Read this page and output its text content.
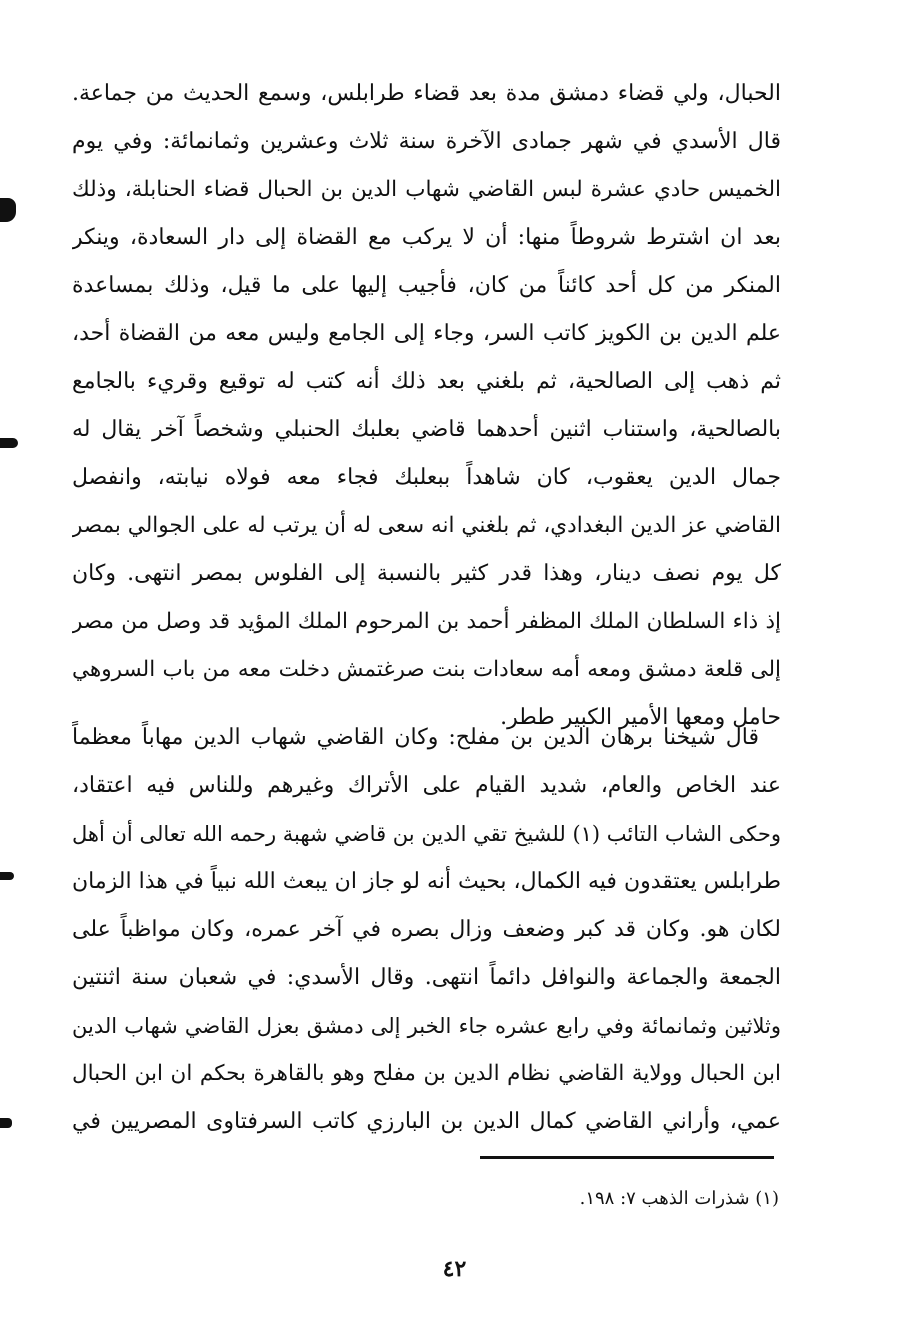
الحبال، ولي قضاء دمشق مدة بعد قضاء طرابلس، وسمع الحديث من جماعة.
قال الأسدي في شهر جمادى الآخرة سنة ثلاث وعشرين وثمانمائة: وفي يوم
الخميس حادي عشرة لبس القاضي شهاب الدين بن الحبال قضاء الحنابلة، وذلك
بعد ان اشترط شروطاً منها: أن لا يركب مع القضاة إلى دار السعادة، وينكر
المنكر من كل أحد كائناً من كان، فأجيب إليها على ما قيل، وذلك بمساعدة
علم الدين بن الكويز كاتب السر، وجاء إلى الجامع وليس معه من القضاة أحد،
ثم ذهب إلى الصالحية، ثم بلغني بعد ذلك أنه كتب له توقيع وقريء بالجامع
بالصالحية، واستناب اثنين أحدهما قاضي بعلبك الحنبلي وشخصاً آخر يقال له
جمال الدين يعقوب، كان شاهداً ببعلبك فجاء معه فولاه نيابته، وانفصل
القاضي عز الدين البغدادي، ثم بلغني انه سعى له أن يرتب له على الجوالي بمصر
كل يوم نصف دينار، وهذا قدر كثير بالنسبة إلى الفلوس بمصر انتهى. وكان
إذ ذاء السلطان الملك المظفر أحمد بن المرحوم الملك المؤيد قد وصل من مصر
إلى قلعة دمشق ومعه أمه سعادات بنت صرغتمش دخلت معه من باب السروهي
حامل ومعها الأمير الكبير ططر.
قال شيخنا برهان الدين بن مفلح: وكان القاضي شهاب الدين مهاباً معظماً
عند الخاص والعام، شديد القيام على الأتراك وغيرهم وللناس فيه اعتقاد،
وحكى الشاب التائب (١) للشيخ تقي الدين بن قاضي شهبة رحمه الله تعالى أن أهل
طرابلس يعتقدون فيه الكمال، بحيث أنه لو جاز ان يبعث الله نبياً في هذا الزمان
لكان هو. وكان قد كبر وضعف وزال بصره في آخر عمره، وكان مواظباً على
الجمعة والجماعة والنوافل دائماً انتهى. وقال الأسدي: في شعبان سنة اثنتين
وثلاثين وثمانمائة وفي رابع عشره جاء الخبر إلى دمشق بعزل القاضي شهاب الدين
ابن الحبال وولاية القاضي نظام الدين بن مفلح وهو بالقاهرة بحكم ان ابن الحبال
عمي، وأراني القاضي كمال الدين بن البارزي كاتب السرفتاوى المصريين في
(١) شذرات الذهب ٧: ١٩٨.
٤٢
